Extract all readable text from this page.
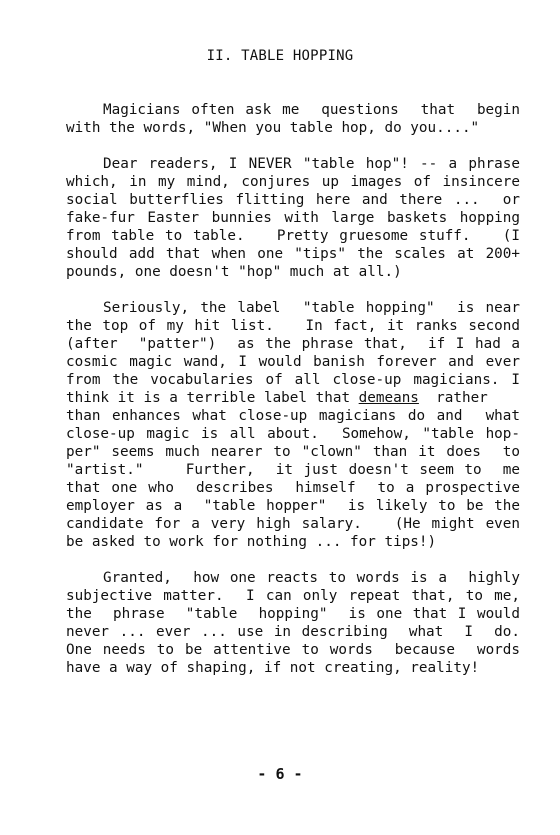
II. TABLE HOPPING
Magicians often ask me  questions  that  begin
with the words, "When you table hop, do you...."
Dear readers, I NEVER "table hop"! -- a phrase
which, in my mind, conjures up images of insincere
social butterflies flitting here and there ...  or
fake-fur Easter bunnies with large baskets hopping
from table to table.   Pretty gruesome stuff.   (I
should add that when one "tips" the scales at 200+
pounds, one doesn't "hop" much at all.)
Seriously, the label  "table hopping"  is near
the top of my hit list.   In fact, it ranks second
(after  "patter")  as the phrase that,  if I had a
cosmic magic wand, I would banish forever and ever
from the vocabularies of all close-up magicians. I
think it is a terrible label that demeans  rather
than enhances what close-up magicians do and  what
close-up magic is all about.  Somehow, "table hop-
per" seems much nearer to "clown" than it does  to
"artist."    Further,  it just doesn't seem to  me
that one who  describes  himself  to a prospective
employer as a  "table hopper"  is likely to be the
candidate for a very high salary.   (He might even
be asked to work for nothing ... for tips!)
Granted,  how one reacts to words is a  highly
subjective matter.  I can only repeat that, to me,
the  phrase  "table  hopping"  is one that I would
never ... ever ... use in describing  what  I  do.
One needs to be attentive to words  because  words
have a way of shaping, if not creating, reality!
- 6 -
